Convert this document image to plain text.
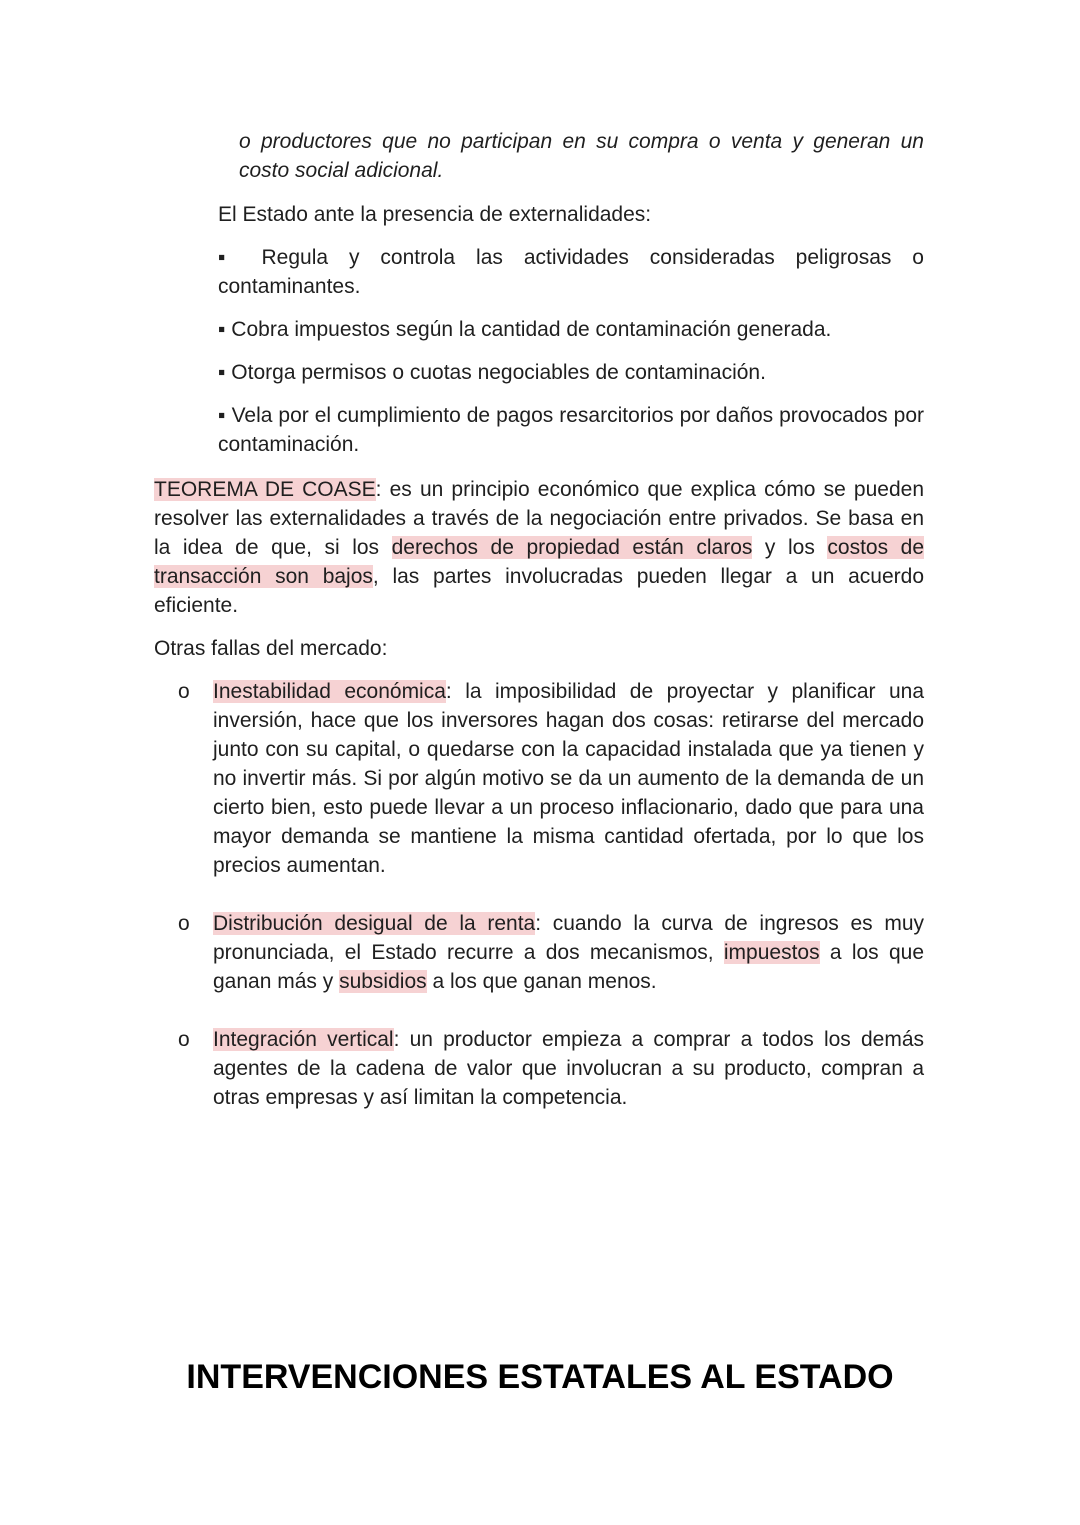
o productores que no participan en su compra o venta y generan un costo social adicional.

El Estado ante la presencia de externalidades:

▪ Regula y controla las actividades consideradas peligrosas o contaminantes.

▪ Cobra impuestos según la cantidad de contaminación generada.

▪ Otorga permisos o cuotas negociables de contaminación.

▪ Vela por el cumplimiento de pagos resarcitorios por daños provocados por contaminación.

TEOREMA DE COASE: es un principio económico que explica cómo se pueden resolver las externalidades a través de la negociación entre privados. Se basa en la idea de que, si los derechos de propiedad están claros y los costos de transacción son bajos, las partes involucradas pueden llegar a un acuerdo eficiente.

Otras fallas del mercado:

o Inestabilidad económica: la imposibilidad de proyectar y planificar una inversión, hace que los inversores hagan dos cosas: retirarse del mercado junto con su capital, o quedarse con la capacidad instalada que ya tienen y no invertir más. Si por algún motivo se da un aumento de la demanda de un cierto bien, esto puede llevar a un proceso inflacionario, dado que para una mayor demanda se mantiene la misma cantidad ofertada, por lo que los precios aumentan.

o Distribución desigual de la renta: cuando la curva de ingresos es muy pronunciada, el Estado recurre a dos mecanismos, impuestos a los que ganan más y subsidios a los que ganan menos.

o Integración vertical: un productor empieza a comprar a todos los demás agentes de la cadena de valor que involucran a su producto, compran a otras empresas y así limitan la competencia.

INTERVENCIONES ESTATALES AL ESTADO
